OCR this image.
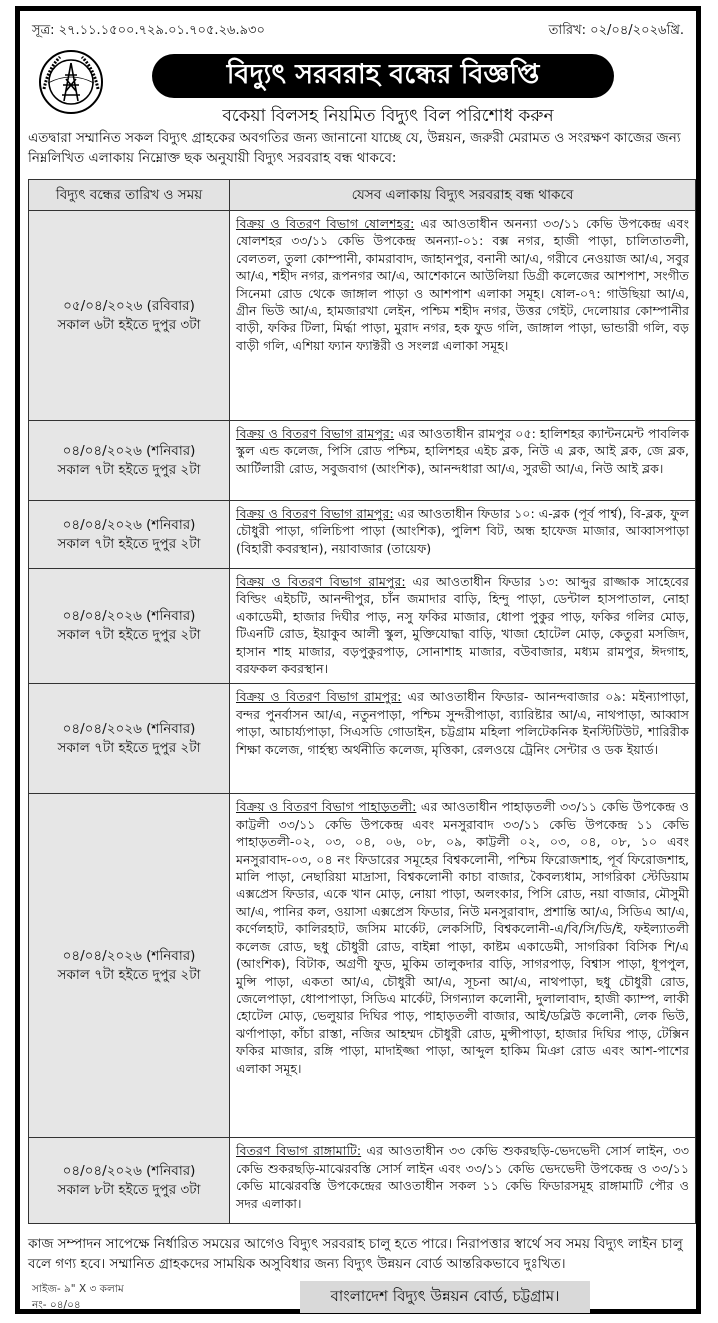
সূত্র: ২৭.১১.১৫০০.৭২৯.০১.৭০৫.২৬.৯৩০	তারিখ: ০২/০৪/২০২৬খ্রি.
বিদ্যুৎ সরবরাহ বন্ধের বিজ্ঞপ্তি
বকেয়া বিলসহ নিয়মিত বিদ্যুৎ বিল পরিশোধ করুন
এতদ্বারা সম্মানিত সকল বিদ্যুৎ গ্রাহকের অবগতির জন্য জানানো যাচ্ছে যে, উন্নয়ন, জরুরী মেরামত ও সংরক্ষণ কাজের জন্য নিম্নলিখিত এলাকায় নিম্নোক্ত ছক অনুযায়ী বিদ্যুৎ সরবরাহ বন্ধ থাকবে:
বিদ্যুৎ বন্ধের তারিখ ও সময়	যেসব এলাকায় বিদ্যুৎ সরবরাহ বন্ধ থাকবে

০৫/০৪/২০২৬ (রবিবার)
সকাল ৬টা হইতে দুপুর ৩টা	বিক্রয় ও বিতরণ বিভাগ ষোলশহর: এর আওতাধীন অনন্যা ৩৩/১১ কেভি উপকেন্দ্র এবং ষোলশহর ৩৩/১১ কেভি উপকেন্দ্র অনন্যা-০১: বক্স নগর, হাজী পাড়া, চালিতাতলী, বেলতল, তুলা কোম্পানী, কামরাবাদ, জাহানপুর, বনানী আ/এ, গরীবে নেওয়াজ আ/এ, সবুর আ/এ, শহীদ নগর, রূপনগর আ/এ, আশেকানে আউলিয়া ডিগ্রী কলেজের আশপাশ, সংগীত সিনেমা রোড থেকে জাঙ্গাল পাড়া ও আশপাশ এলাকা সমূহ। ষোল-০৭: গাউছিয়া আ/এ, গ্রীন ভিউ আ/এ, হামজারখা লেইন, পশ্চিম শহীদ নগর, উত্তর গেইট, দেলোয়ার কোম্পানীর বাড়ী, ফকির টিলা, মির্দ্ধা পাড়া, মুরাদ নগর, হক ফুড গলি, জাঙ্গাল পাড়া, ভান্ডারী গলি, বড় বাড়ী গলি, এশিয়া ফ্যান ফ্যাক্টরী ও সংলগ্ন এলাকা সমূহ।

০৪/০৪/২০২৬ (শনিবার)
সকাল ৭টা হইতে দুপুর ২টা	বিক্রয় ও বিতরণ বিভাগ রামপুর: এর আওতাধীন রামপুর ০৫: হালিশহর ক্যান্টনমেন্ট পাবলিক স্কুল এন্ড কলেজ, পিসি রোড পশ্চিম, হালিশহর এইচ ব্লক, নিউ এ ব্লক, আই ব্লক, জে ব্লক, আর্টিলারী রোড, সবুজবাগ (আংশিক), আনন্দধারা আ/এ, সুরভী আ/এ, নিউ আই ব্লক।

০৪/০৪/২০২৬ (শনিবার)
সকাল ৭টা হইতে দুপুর ২টা	বিক্রয় ও বিতরণ বিভাগ রামপুর: এর আওতাধীন ফিডার ১০: এ-ব্লক (পূর্ব পার্শ্ব), বি-ব্লক, ফুল চৌধুরী পাড়া, গলিচিপা পাড়া (আংশিক), পুলিশ বিট, অন্ধ হাফেজ মাজার, আব্বাসপাড়া (বিহারী কবরস্থান), নয়াবাজার (তায়েফ)

০৪/০৪/২০২৬ (শনিবার)
সকাল ৭টা হইতে দুপুর ২টা	বিক্রয় ও বিতরণ বিভাগ রামপুর: এর আওতাধীন ফিডার ১৩: আব্দুর রাজ্জাক সাহেবের বিল্ডিং এইচটি, আনন্দীপুর, চাঁন জমাদার বাড়ি, হিন্দু পাড়া, ডেন্টাল হাসপাতাল, নোহা একাডেমী, হাজার দিঘীর পাড়, নসু ফকির মাজার, ধোপা পুকুর পাড়, ফকির গলির মোড়, টিএনটি রোড, ইয়াকুব আলী স্কুল, মুক্তিযোদ্ধা বাড়ি, খাজা হোটেল মোড়, কেতুরা মসজিদ, হাসান শাহ মাজার, বড়পুকুরপাড়, সোনাশাহ মাজার, বউবাজার, মধ্যম রামপুর, ঈদগাহ, বরফকল কবরস্থান।

০৪/০৪/২০২৬ (শনিবার)
সকাল ৭টা হইতে দুপুর ২টা	বিক্রয় ও বিতরণ বিভাগ রামপুর: এর আওতাধীন ফিডার- আনন্দবাজার ০৯: মইন্যাপাড়া, বন্দর পুনর্বাসন আ/এ, নতুনপাড়া, পশ্চিম সুন্দরীপাড়া, ব্যারিষ্টার আ/এ, নাথপাড়া, আব্বাস পাড়া, আচার্য্যপাড়া, সিএসডি গোডাইন, চট্টগ্রাম মহিলা পলিটেকনিক ইনস্টিটিউট, শারিরীক শিক্ষা কলেজ, গার্হস্থ্য অর্থনীতি কলেজ, মৃত্তিকা, রেলওয়ে ট্রেনিং সেন্টার ও ডক ইয়ার্ড।

০৪/০৪/২০২৬ (শনিবার)
সকাল ৭টা হইতে দুপুর ২টা	বিক্রয় ও বিতরণ বিভাগ পাহাড়তলী: এর আওতাধীন পাহাড়তলী ৩৩/১১ কেভি উপকেন্দ্র ও কাট্টলী ৩৩/১১ কেভি উপকেন্দ্র এবং মনসুরাবাদ ৩৩/১১ কেভি উপকেন্দ্র ১১ কেভি পাহাড়তলী-০২, ০৩, ০৪, ০৬, ০৮, ০৯, কাট্টলী ০২, ০৩, ০৪, ০৮, ১০ এবং মনসুরাবাদ-০৩, ০৪ নং ফিডারের সমূহের বিশ্বকলোনী, পশ্চিম ফিরোজশাহ, পূর্ব ফিরোজশাহ, মালি পাড়া, নেছারিয়া মাদ্রাসা, বিশ্বকলোনী কাচা বাজার, কৈবল্যধাম, সাগরিকা স্টেডিয়াম এক্সপ্রেস ফিডার, একে খান মোড়, নোয়া পাড়া, অলংকার, পিসি রোড, নয়া বাজার, মৌসুমী আ/এ, পানির কল, ওয়াসা এক্সপ্রেস ফিডার, নিউ মনসুরাবাদ, প্রশান্তি আ/এ, সিডিএ আ/এ, কর্ণেলহাট, কালিরহাট, জসিম মার্কেট, লেকসিটি, বিশ্বকলোনী-এ/বি/সি/ডি/ই, ফইল্যাতলী কলেজ রোড, ছধু চৌধুরী রোড, বাইন্না পাড়া, কাষ্টম একাডেমী, সাগরিকা বিসিক শি/এ (আংশিক), বিটাক, অগ্রণী ফুড, মুকিম তালুকদার বাড়ি, সাগরপাড়, বিশ্বাস পাড়া, ধূপপুল, মুন্সি পাড়া, একতা আ/এ, চৌধুরী আ/এ, সূচনা আ/এ, নাথপাড়া, ছধু চৌধুরী রোড, জেলেপাড়া, ধোপাপাড়া, সিডিএ মার্কেট, সিগন্যাল কলোনী, দুলালাবাদ, হাজী ক্যাম্প, লাকী হোটেল মোড়, ভেলুয়ার দিঘির পাড়, পাহাড়তলী বাজার, আই/ডব্লিউ কলোনী, লেক ভিউ, ঝর্ণাপাড়া, কাঁচা রাস্তা, নজির আহম্মদ চৌধুরী রোড, মুন্সীপাড়া, হাজার দিঘির পাড়, টেক্সিন ফকির মাজার, রঙ্গি পাড়া, মাদাইজ্জা পাড়া, আব্দুল হাকিম মিঞা রোড এবং আশ-পাশের এলাকা সমূহ।

০৪/০৪/২০২৬ (শনিবার)
সকাল ৮টা হইতে দুপুর ৩টা	বিতরণ বিভাগ রাঙ্গামাটি: এর আওতাধীন ৩৩ কেভি শুকরছড়ি-ভেদভেদী সোর্স লাইন, ৩৩ কেভি শুকরছড়ি-মাঝেরবস্তি সোর্স লাইন এবং ৩৩/১১ কেভি ভেদভেদী উপকেন্দ্র ও ৩৩/১১ কেভি মাঝেরবস্তি উপকেন্দ্রের আওতাধীন সকল ১১ কেভি ফিডারসমূহ রাঙ্গামাটি পৌর ও সদর এলাকা।
কাজ সম্পাদন সাপেক্ষে নির্ধারিত সময়ের আগেও বিদ্যুৎ সরবরাহ চালু হতে পারে। নিরাপত্তার স্বার্থে সব সময় বিদ্যুৎ লাইন চালু বলে গণ্য হবে। সম্মানিত গ্রাহকদের সাময়িক অসুবিধার জন্য বিদ্যুৎ উন্নয়ন বোর্ড আন্তরিকভাবে দুঃখিত।
সাইজ- ৯" X ৩ কলাম
নং- ০৪/০৪
বাংলাদেশ বিদ্যুৎ উন্নয়ন বোর্ড, চট্টগ্রাম।
